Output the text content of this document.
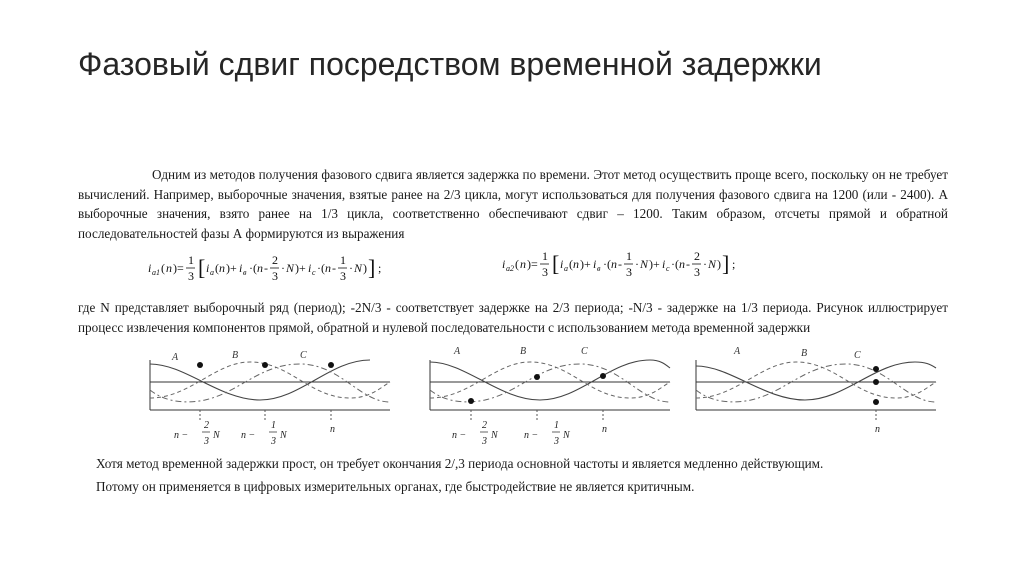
Фазовый сдвиг посредством временной задержки

Одним из методов получения фазового сдвига является задержка по времени. Этот метод осуществить проще всего, поскольку он не требует вычислений. Например, выборочные значения, взятые ранее на 2/3 цикла, могут использоваться для получения фазового сдвига на 1200 (или - 2400). А выборочные значения, взято ранее на 1/3 цикла, соответственно обеспечивают сдвиг – 1200. Таким образом, отсчеты прямой и обратной последовательностей фазы А формируются из выражения

i a1 ( n )=
1
3 [ i a ( n )+ i в ·( n -
2
3
· N )+ i c ·( n -
1
3
· N ) ] ;	i a2 ( n )=
1
3 [ i a ( n )+ i в ·( n -
1
3
· N )+ i c ·( n -
2
3
· N ) ] ;

где N представляет выборочный ряд (период); -2N/3 - соответствует задержке на 2/3 периода; -N/3 - задержке на 1/3 периода. Рисунок иллюстрирует процесс извлечения компонентов прямой, обратной и нулевой последовательности с использованием метода временной задержки

A	B	C
n −
2
3
N n −
1
3
N
n
A	B	C
n −
2
3
N	n −
1
3
N
n
A	B	C
n
Хотя метод временной задержки прост, он требует окончания 2/,3 периода основной частоты и является медленно действующим.
Потому он применяется в цифровых измерительных органах, где быстродействие не является критичным.
